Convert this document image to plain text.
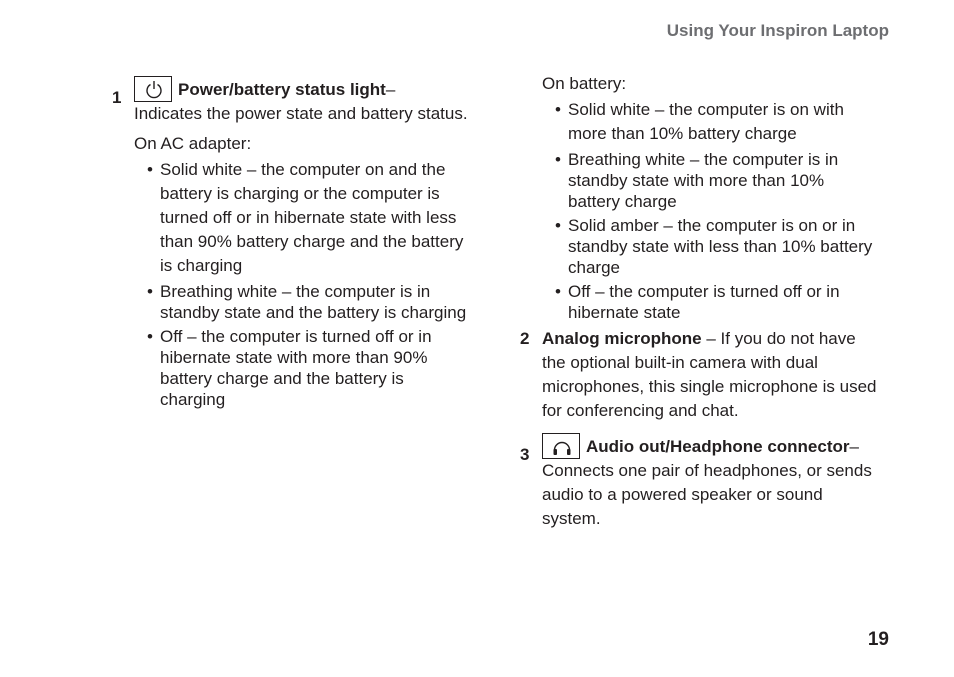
Using Your Inspiron Laptop
1	Power/battery status light –

Indicates the power state and battery status.

On AC adapter:

• Solid white – the computer on and the battery is charging or the computer is turned off or in hibernate state with less than 90% battery charge and the battery is charging
• Breathing white – the computer is in standby state and the battery is charging
• Off – the computer is turned off or in hibernate state with more than 90% battery charge and the battery is charging

On battery:

• Solid white – the computer is on with more than 10% battery charge
• Breathing white – the computer is in standby state with more than 10% battery charge
• Solid amber – the computer is on or in standby state with less than 10% battery charge
• Off – the computer is turned off or in hibernate state
2 Analog microphone – If you do not have the optional built-in camera with dual microphones, this single microphone is used for conferencing and chat.

3	Audio out/Headphone connector –

Connects one pair of headphones, or sends audio to a powered speaker or sound system.

19
